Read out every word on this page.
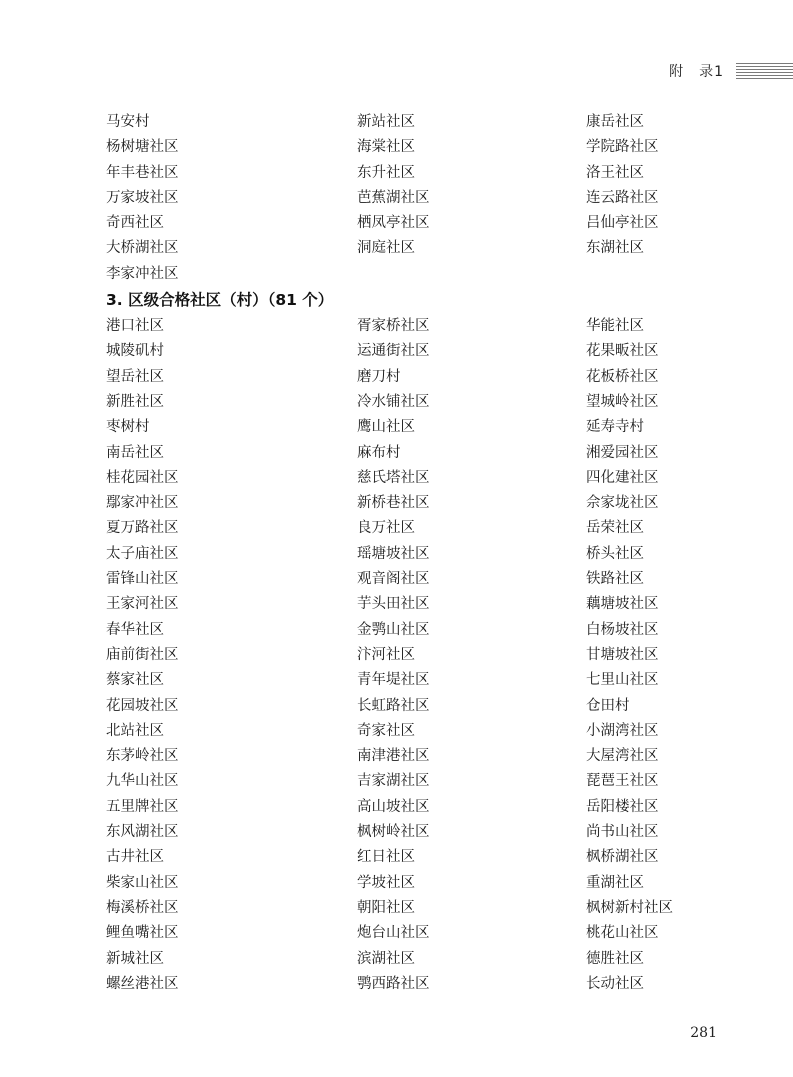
附　录1
马安村	新站社区	康岳社区
杨树塘社区	海棠社区	学院路社区
年丰巷社区	东升社区	洛王社区
万家坡社区	芭蕉湖社区	连云路社区
奇西社区	栖凤亭社区	吕仙亭社区
大桥湖社区	洞庭社区	东湖社区
李家冲社区
3. 区级合格社区（村）（81 个）
港口社区	胥家桥社区	华能社区
城陵矶村	运通街社区	花果畈社区
望岳社区	磨刀村	花板桥社区
新胜社区	冷水铺社区	望城岭社区
枣树村	鹰山社区	延寿寺村
南岳社区	麻布村	湘爱园社区
桂花园社区	慈氏塔社区	四化建社区
鄢家冲社区	新桥巷社区	佘家垅社区
夏万路社区	良万社区	岳荣社区
太子庙社区	瑶塘坡社区	桥头社区
雷锋山社区	观音阁社区	铁路社区
王家河社区	芋头田社区	藕塘坡社区
春华社区	金鹗山社区	白杨坡社区
庙前街社区	汴河社区	甘塘坡社区
蔡家社区	青年堤社区	七里山社区
花园坡社区	长虹路社区	仓田村
北站社区	奇家社区	小湖湾社区
东茅岭社区	南津港社区	大屋湾社区
九华山社区	吉家湖社区	琵琶王社区
五里牌社区	高山坡社区	岳阳楼社区
东风湖社区	枫树岭社区	尚书山社区
古井社区	红日社区	枫桥湖社区
柴家山社区	学坡社区	重湖社区
梅溪桥社区	朝阳社区	枫树新村社区
鲤鱼嘴社区	炮台山社区	桃花山社区
新城社区	滨湖社区	德胜社区
螺丝港社区	鹗西路社区	长动社区
281
